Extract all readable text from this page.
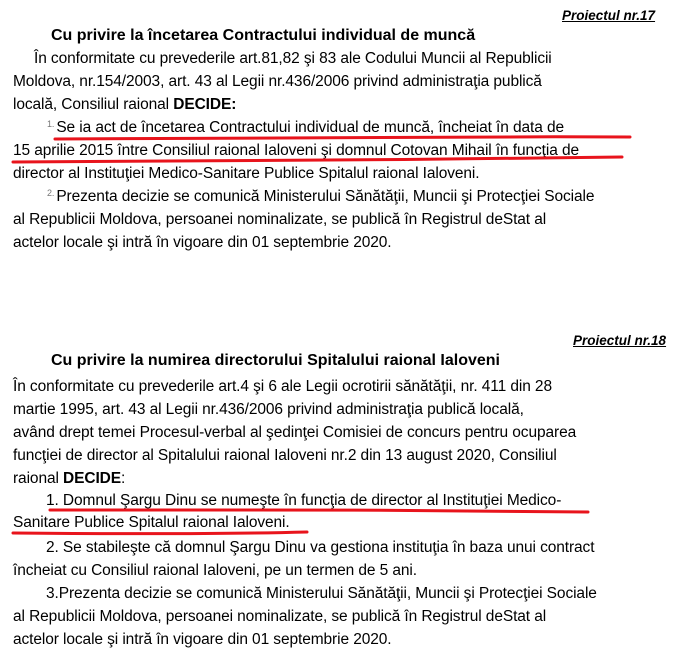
Proiectul nr.17
Cu privire la încetarea Contractului individual de muncă
În conformitate cu prevederile art.81,82 şi 83 ale Codului Muncii al Republicii
Moldova, nr.154/2003, art. 43 al Legii nr.436/2006 privind administraţia publică
locală, Consiliul raional DECIDE:
$^{1.}$ Se ia act de încetarea Contractului individual de muncă, încheiat în data de
15 aprilie 2015 între Consiliul raional Ialoveni şi domnul Cotovan Mihail în funcţia de
director al Instituţiei Medico-Sanitare Publice Spitalul raional Ialoveni.
$^{2.}$ Prezenta decizie se comunică Ministerului Sănătăţii, Muncii şi Protecţiei Sociale
al Republicii Moldova, persoanei nominalizate, se publică în Registrul deStat al
actelor locale şi intră în vigoare din 01 septembrie 2020.
Proiectul nr.18
Cu privire la numirea directorului Spitalului raional Ialoveni
În conformitate cu prevederile art.4 şi 6 ale Legii ocrotirii sănătăţii, nr. 411 din 28
martie 1995, art. 43 al Legii nr.436/2006 privind administraţia publică locală,
având drept temei Procesul-verbal al şedinţei Comisiei de concurs pentru ocuparea
funcţiei de director al Spitalului raional Ialoveni nr.2 din 13 august 2020, Consiliul
raional DECIDE:
1. Domnul Şargu Dinu se numeşte în funcţia de director al Instituţiei Medico-
Sanitare Publice Spitalul raional Ialoveni.
2. Se stabileşte că domnul Şargu Dinu va gestiona instituţia în baza unui contract
încheiat cu Consiliul raional Ialoveni, pe un termen de 5 ani.
3.Prezenta decizie se comunică Ministerului Sănătăţii, Muncii şi Protecţiei Sociale
al Republicii Moldova, persoanei nominalizate, se publică în Registrul deStat al
actelor locale şi intră în vigoare din 01 septembrie 2020.
